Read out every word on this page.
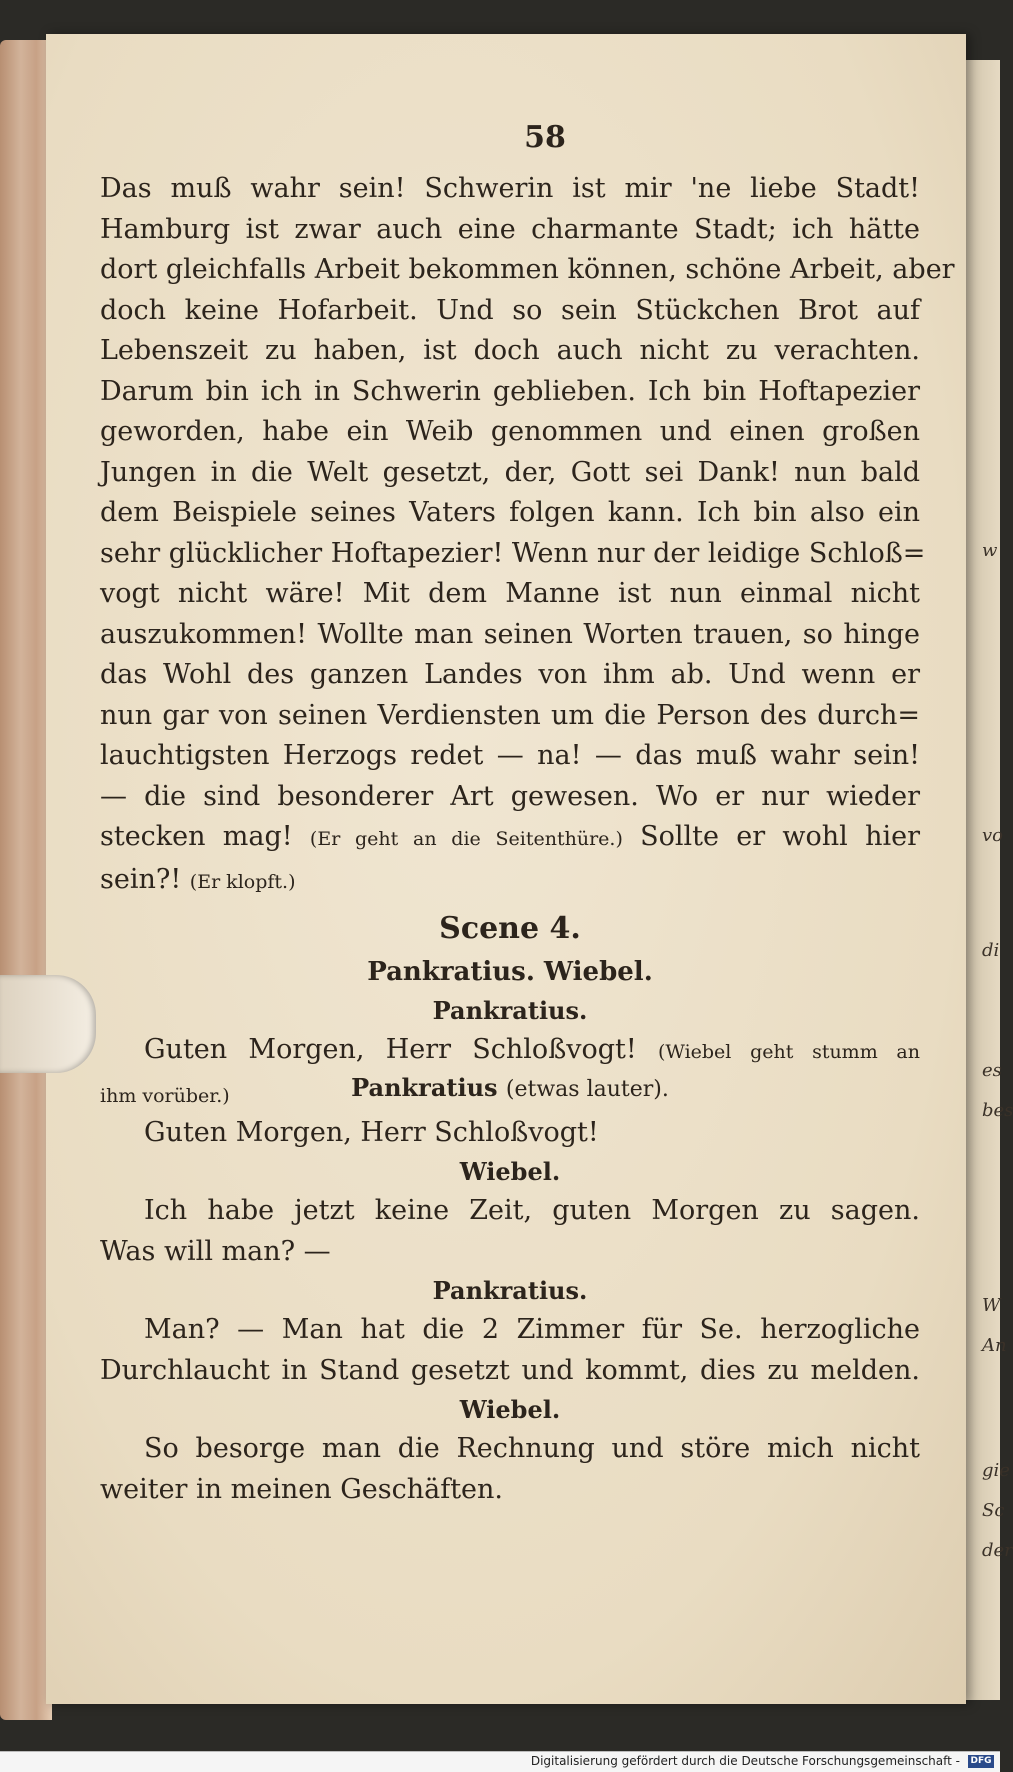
w
vo
di
es
bes
W
An
gie
Sc
der
58
Das muß wahr sein! Schwerin ist mir 'ne liebe Stadt!
Hamburg ist zwar auch eine charmante Stadt; ich hätte
dort gleichfalls Arbeit bekommen können, schöne Arbeit, aber
doch keine Hofarbeit. Und so sein Stückchen Brot auf
Lebenszeit zu haben, ist doch auch nicht zu verachten.
Darum bin ich in Schwerin geblieben. Ich bin Hoftapezier
geworden, habe ein Weib genommen und einen großen
Jungen in die Welt gesetzt, der, Gott sei Dank! nun bald
dem Beispiele seines Vaters folgen kann. Ich bin also ein
sehr glücklicher Hoftapezier! Wenn nur der leidige Schloß=
vogt nicht wäre! Mit dem Manne ist nun einmal nicht
auszukommen! Wollte man seinen Worten trauen, so hinge
das Wohl des ganzen Landes von ihm ab. Und wenn er
nun gar von seinen Verdiensten um die Person des durch=
lauchtigsten Herzogs redet — na! — das muß wahr sein!
— die sind besonderer Art gewesen. Wo er nur wieder
stecken mag! (Er geht an die Seitenthüre.) Sollte er wohl hier
sein?! (Er klopft.)
Scene 4.
Pankratius. Wiebel.
Pankratius.
Guten Morgen, Herr Schloßvogt! (Wiebel geht stumm an
ihm vorüber.)	Pankratius (etwas lauter).
Guten Morgen, Herr Schloßvogt!
Wiebel.
Ich habe jetzt keine Zeit, guten Morgen zu sagen.
Was will man? —
Pankratius.
Man? — Man hat die 2 Zimmer für Se. herzogliche
Durchlaucht in Stand gesetzt und kommt, dies zu melden.
Wiebel.
So besorge man die Rechnung und störe mich nicht
weiter in meinen Geschäften.
Digitalisierung gefördert durch die Deutsche Forschungsgemeinschaft - DFG
